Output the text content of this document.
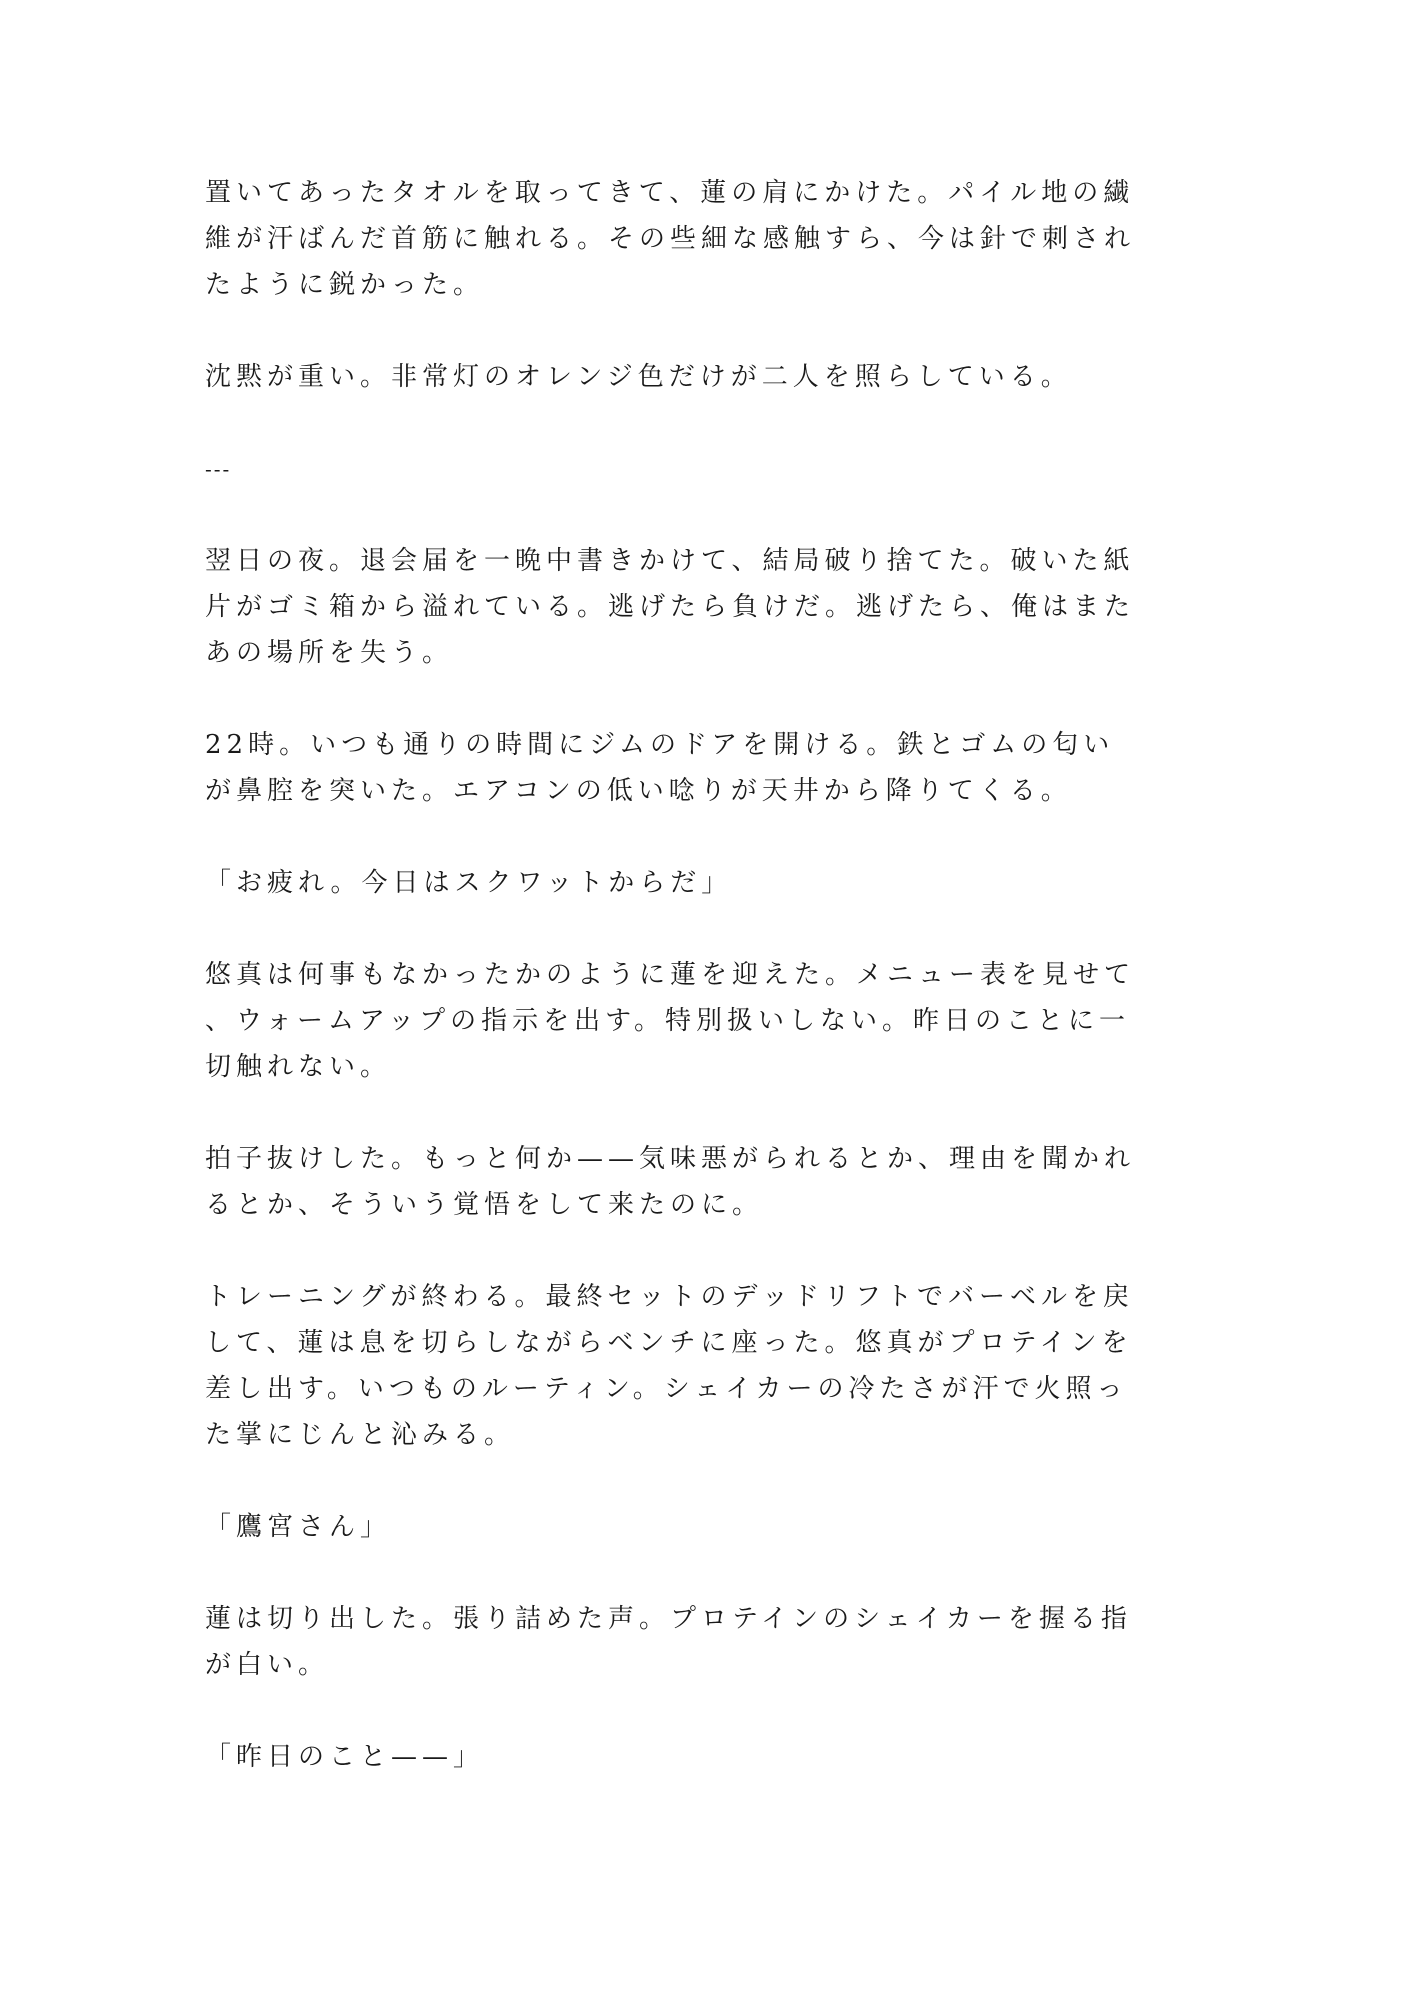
置いてあったタオルを取ってきて、蓮の肩にかけた。パイル地の繊
維が汗ばんだ首筋に触れる。その些細な感触すら、今は針で刺され
たように鋭かった。
沈黙が重い。非常灯のオレンジ色だけが二人を照らしている。
---
翌日の夜。退会届を一晩中書きかけて、結局破り捨てた。破いた紙
片がゴミ箱から溢れている。逃げたら負けだ。逃げたら、俺はまた
あの場所を失う。
22時。いつも通りの時間にジムのドアを開ける。鉄とゴムの匂い
が鼻腔を突いた。エアコンの低い唸りが天井から降りてくる。
「お疲れ。今日はスクワットからだ」
悠真は何事もなかったかのように蓮を迎えた。メニュー表を見せて
、ウォームアップの指示を出す。特別扱いしない。昨日のことに一
切触れない。
拍子抜けした。もっと何か——気味悪がられるとか、理由を聞かれ
るとか、そういう覚悟をして来たのに。
トレーニングが終わる。最終セットのデッドリフトでバーベルを戻
して、蓮は息を切らしながらベンチに座った。悠真がプロテインを
差し出す。いつものルーティン。シェイカーの冷たさが汗で火照っ
た掌にじんと沁みる。
「鷹宮さん」
蓮は切り出した。張り詰めた声。プロテインのシェイカーを握る指
が白い。
「昨日のこと——」
